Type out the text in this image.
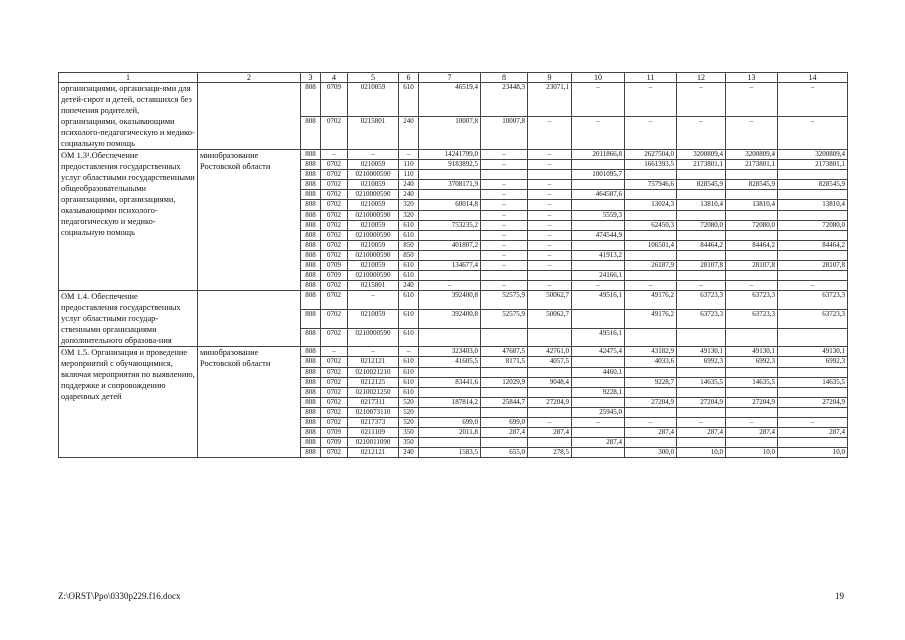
1	2	3	4	5	6	7	8	9	10	11	12	13	14
организациями, организаци-ями для детей-сирот и детей, оставшихся без попечения родителей, организациями, оказывающими психолого-педагогическую и медико-социальную помощь		808	0709	0210059	610	46519,4	23448,3	23071,1	–	–	–	–	–
		808	0702	0215801	240	10007,8	10007,8	–	–	–	–	–	–
ОМ 1.3¹.Обеспечение предоставления государственных услуг областными государственными общеобразовательными организациями, организациями, оказывающими психолого-педагогическую и медико-социальную помощь	минобразование Ростовской области	808	–	–	–	14241799,0	–	–	2011866,8	2627504,0	3200809,4	3200809,4	3200809,4
		808	0702	0210059	110	9183892,5	–	–		1661393,5	2173801,1	2173801,1	2173801,1
		808	0702	0210000590	110				1001095,7				
		808	0702	0210059	240	3708171,9	–	–		757946,6	828545,9	828545,9	828545,9
		808	0702	0210000590	240		–	–	464587,6				
		808	0702	0210059	320	60014,8	–	–		13024,3	13810,4	13810,4	13810,4
		808	0702	0210000590	320		–	–	5559,3				
		808	0702	0210059	610	753235,2	–	–		62450,3	72080,0	72080,0	72080,0
		808	0702	0210000590	610		–	–	474544,9				
		808	0702	0210059	850	401807,2	–	–		106501,4	84464,2	84464,2	84464,2
		808	0702	0210000590	850		–	–	41913,2				
		808	0709	0210059	610	134677,4	–	–		26187,9	28107,8	28107,8	28107,8
		808	0709	0210000590	610				24166,1				
		808	0702	0215801	240	–	–	–	–	–	–	–	–
ОМ 1.4. Обеспечение предоставления государственных услуг областными государ-ственными организациями дополнительного образова-ния		808	0702	–	610	392400,8	52575,9	50062,7	49516,1	49176,2	63723,3	63723,3	63723,3
		808	0702	0210059	610	392400,8	52575,9	50062,7		49176,2	63723,3	63723,3	63723,3
		808	0702	0210000590	610				49516,1				
ОМ 1.5. Организация и проведение мероприятий с обучающимися, включая мероприятия по выявлению, поддержке и сопровождению одаренных детей	минобразование Ростовской области	808	–	–	–	323403,0	47687,5	42761,0	42475,4	43182,9	49130,1	49130,1	49130,1
		808	0702	0212121	610	41605,5	8171,5	4057,5		4033,6	6992,3	6992,3	6992,3
		808	0702	0210021210	610				4460,1				
		808	0702	0212125	610	83441,6	12029,9	9048,4		9228,7	14635,5	14635,5	14635,5
		808	0702	0210021250	610				9228,1				
		808	0702	0217311	520	187814,2	25844,7	27204,9		27204,9	27204,9	27204,9	27204,9
		808	0702	0210073110	520				25945,0				
		808	0702	0217373	520	699,0	699,0	–	–	–	–	–	–
		808	0709	0211109	350	2011,8	287,4	287,4		287,4	287,4	287,4	287,4
		808	0709	0210011090	350				287,4				
		808	0702	0212121	240	1583,5	655,0	278,5		300,0	10,0	10,0	10,0
Z:\ORST\Ppo\0330p229.f16.docx	19
